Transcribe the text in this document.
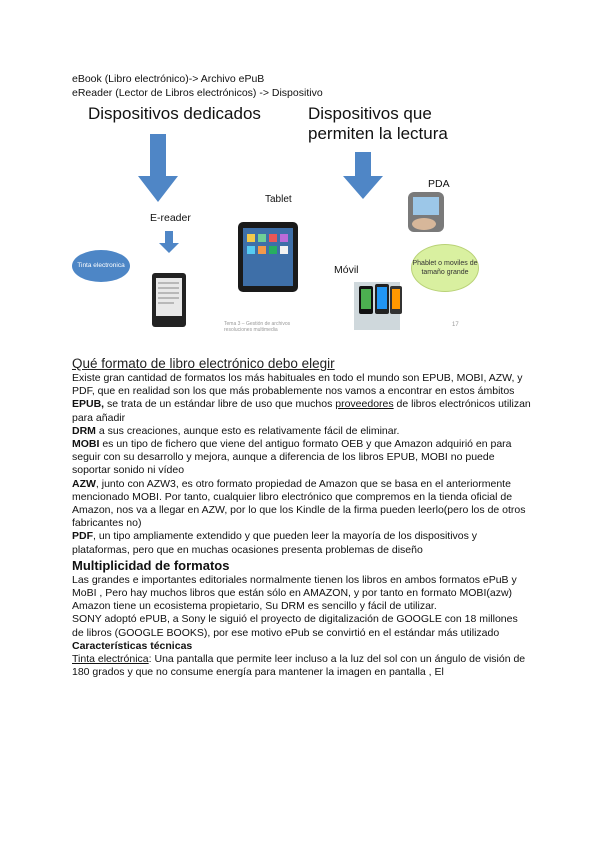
eBook (Libro electrónico)-> Archivo ePuB
eReader (Lector de Libros electrónicos) -> Dispositivo
Dispositivos dedicados	Dispositivos que
permiten la lectura
E-reader
Tablet
PDA
Móvil
Tinta electronica	Phablet o moviles de tamaño grande
Tema 3 – Gestión de archivos
resoluciones multimedia
17

Qué formato de libro electrónico debo elegir

Existe gran cantidad de formatos los más habituales en todo el mundo son EPUB, MOBI, AZW, y PDF, que en realidad son los que más probablemente nos vamos a encontrar en estos ámbitos

EPUB, se trata de un estándar libre de uso que muchos proveedores de libros electrónicos utilizan para añadir

DRM a sus creaciones, aunque esto es relativamente fácil de eliminar.

MOBI es un tipo de fichero que viene del antiguo formato OEB y que Amazon adquirió en para seguir con su desarrollo y mejora, aunque a diferencia de los libros EPUB, MOBI no puede soportar sonido ni vídeo

AZW, junto con AZW3, es otro formato propiedad de Amazon que se basa en el anteriormente mencionado MOBI. Por tanto, cualquier libro electrónico que compremos en la tienda oficial de Amazon, nos va a llegar en AZW, por lo que los Kindle de la firma pueden leerlo(pero los de otros fabricantes no)

PDF, un tipo ampliamente extendido y que pueden leer la mayoría de los dispositivos y plataformas, pero que en muchas ocasiones presenta problemas de diseño

Multiplicidad de formatos

Las grandes e importantes editoriales normalmente tienen los libros en ambos formatos ePuB y MoBI , Pero hay muchos libros que están sólo en AMAZON, y por tanto en formato MOBI(azw)

Amazon tiene un ecosistema propietario, Su DRM es sencillo y fácil de utilizar.

SONY adoptó ePUB, a Sony le siguió el proyecto de digitalización de GOOGLE con 18 millones de libros (GOOGLE BOOKS), por ese motivo ePub se convirtió en el estándar más utilizado

Características técnicas

Tinta electrónica: Una pantalla que permite leer incluso a la luz del sol con un ángulo de visión de 180 grados y que no consume energía para mantener la imagen en pantalla , El
